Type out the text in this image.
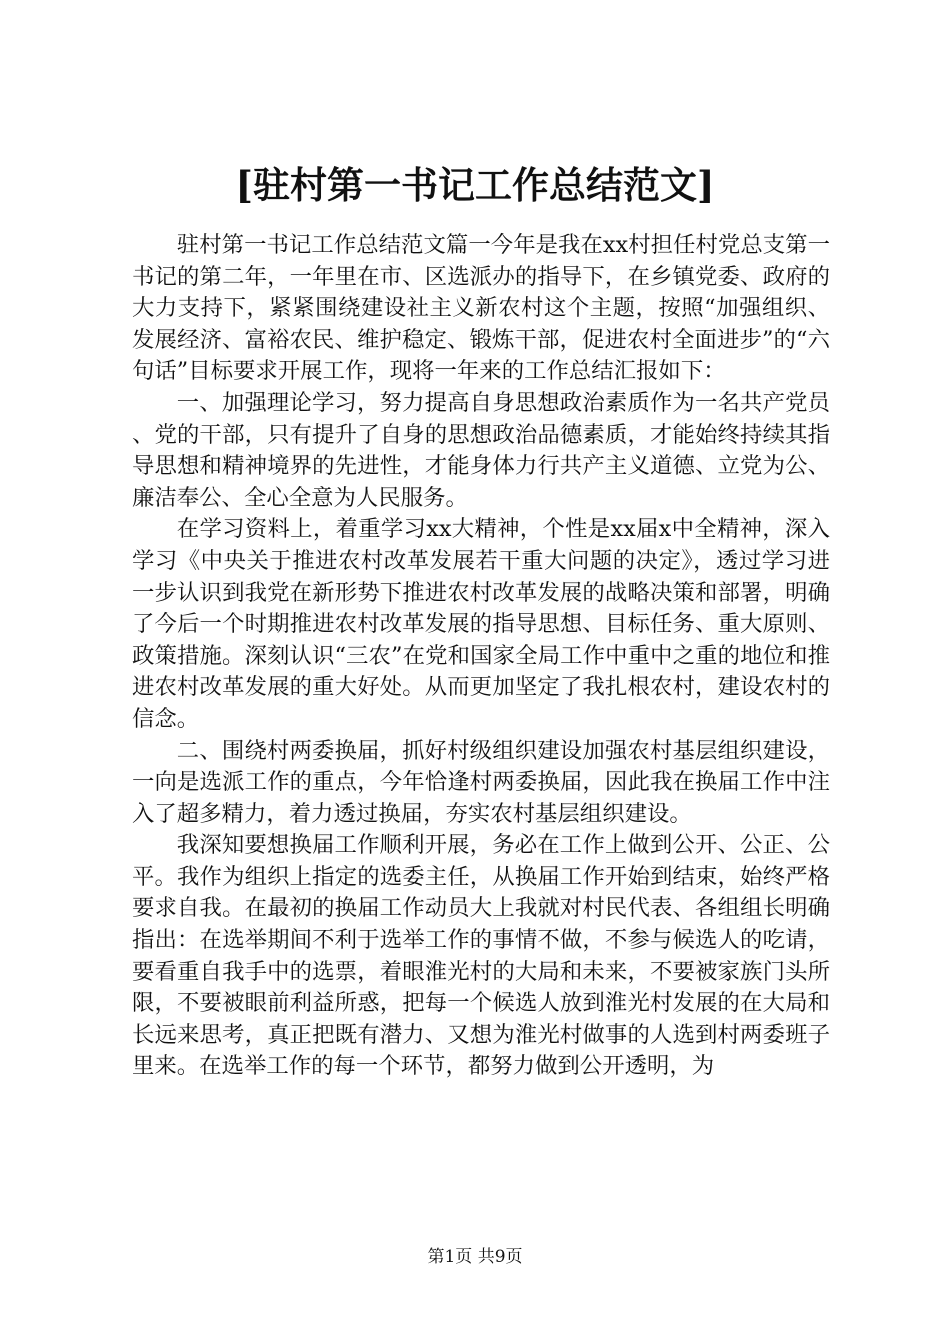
[驻村第一书记工作总结范文]

驻村第一书记工作总结范文篇一今年是我在xx村担任村党总支第一书记的第二年，一年里在市、区选派办的指导下，在乡镇党委、政府的大力支持下，紧紧围绕建设社主义新农村这个主题，按照“加强组织、发展经济、富裕农民、维护稳定、锻炼干部，促进农村全面进步”的“六句话”目标要求开展工作，现将一年来的工作总结汇报如下：

一、加强理论学习，努力提高自身思想政治素质作为一名共产党员、党的干部，只有提升了自身的思想政治品德素质，才能始终持续其指导思想和精神境界的先进性，才能身体力行共产主义道德、立党为公、廉洁奉公、全心全意为人民服务。

在学习资料上，着重学习xx大精神，个性是xx届x中全精神，深入学习《中央关于推进农村改革发展若干重大问题的决定》，透过学习进一步认识到我党在新形势下推进农村改革发展的战略决策和部署，明确了今后一个时期推进农村改革发展的指导思想、目标任务、重大原则、政策措施。深刻认识“三农”在党和国家全局工作中重中之重的地位和推进农村改革发展的重大好处。从而更加坚定了我扎根农村，建设农村的信念。

二、围绕村两委换届，抓好村级组织建设加强农村基层组织建设，一向是选派工作的重点，今年恰逢村两委换届，因此我在换届工作中注入了超多精力，着力透过换届，夯实农村基层组织建设。

我深知要想换届工作顺利开展，务必在工作上做到公开、公正、公平。我作为组织上指定的选委主任，从换届工作开始到结束，始终严格要求自我。在最初的换届工作动员大上我就对村民代表、各组组长明确指出：在选举期间不利于选举工作的事情不做，不参与候选人的吃请，要看重自我手中的选票，着眼淮光村的大局和未来，不要被家族门头所限，不要被眼前利益所惑，把每一个候选人放到淮光村发展的在大局和长远来思考，真正把既有潜力、又想为淮光村做事的人选到村两委班子里来。在选举工作的每一个环节，都努力做到公开透明，为

第1页 共9页
